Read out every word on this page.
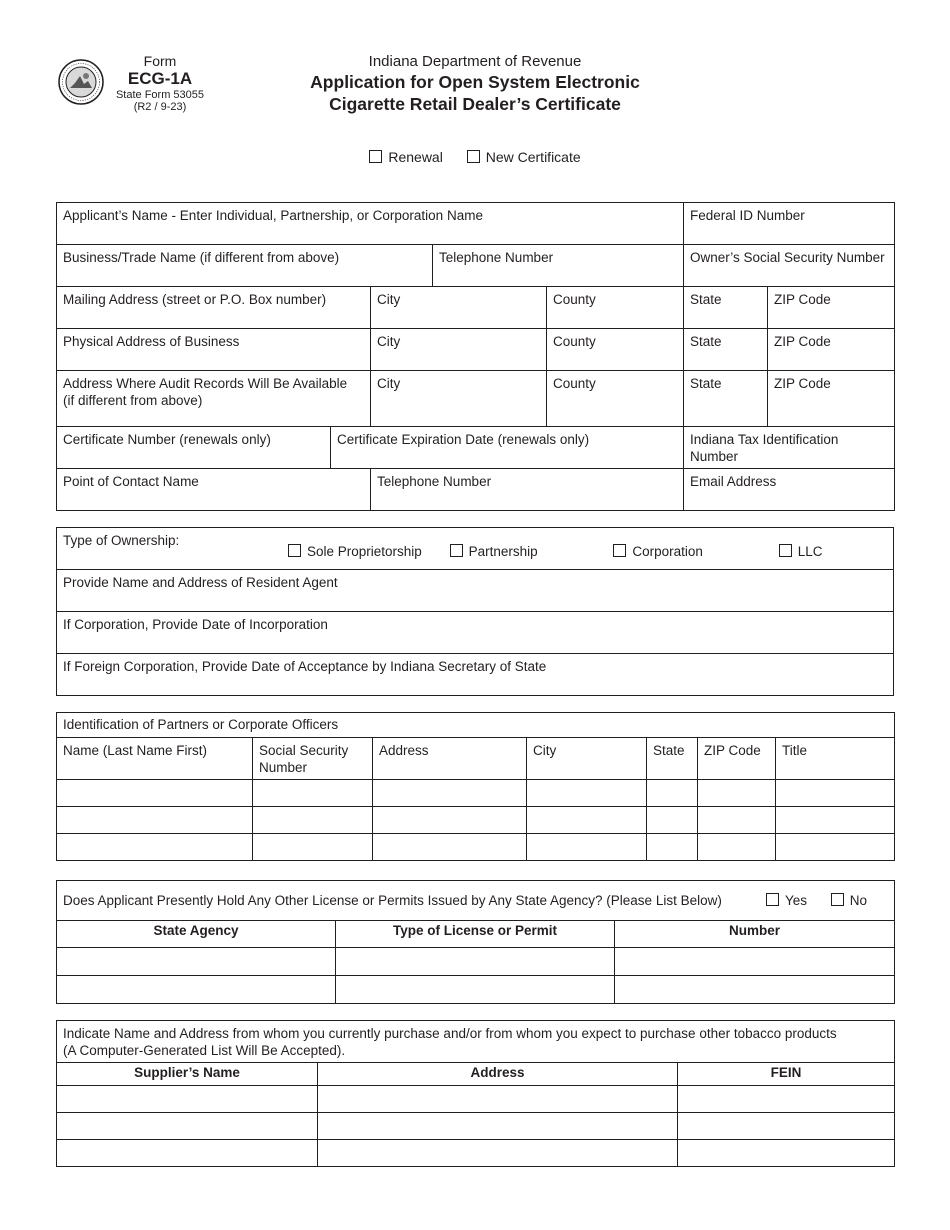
Form
ECG-1A
State Form 53055
(R2 / 9-23)
Indiana Department of Revenue
Application for Open System Electronic
Cigarette Retail Dealer’s Certificate
Renewal	New Certificate
Applicant’s Name - Enter Individual, Partnership, or Corporation Name					Federal ID Number	

Business/Trade Name (if different from above)			Telephone Number		Owner’s Social Security Number	

Mailing Address (street or P.O. Box number)		City		County	State	ZIP Code

Physical Address of Business		City		County	State	ZIP Code

Address Where Audit Records Will Be Available
(if different from above)		City		County	State	ZIP Code

Certificate Number (renewals only)	Certificate Expiration Date (renewals only)				Indiana Tax Identification Number	

Point of Contact Name		Telephone Number			Email Address	
Type of Ownership:
Sole Proprietorship	Partnership	Corporation	LLC

Provide Name and Address of Resident Agent

If Corporation, Provide Date of Incorporation

If Foreign Corporation, Provide Date of Acceptance by Indiana Secretary of State
Identification of Partners or Corporate Officers						

Name (Last Name First)	Social Security Number	Address	City	State	ZIP Code	Title

Does Applicant Presently Hold Any Other License or Permits Issued by Any State Agency? (Please List Below) Yes No		

State Agency	Type of License or Permit	Number

Indicate Name and Address from whom you currently purchase and/or from whom you expect to purchase other tobacco products
(A Computer-Generated List Will Be Accepted).		

Supplier’s Name	Address	FEIN
